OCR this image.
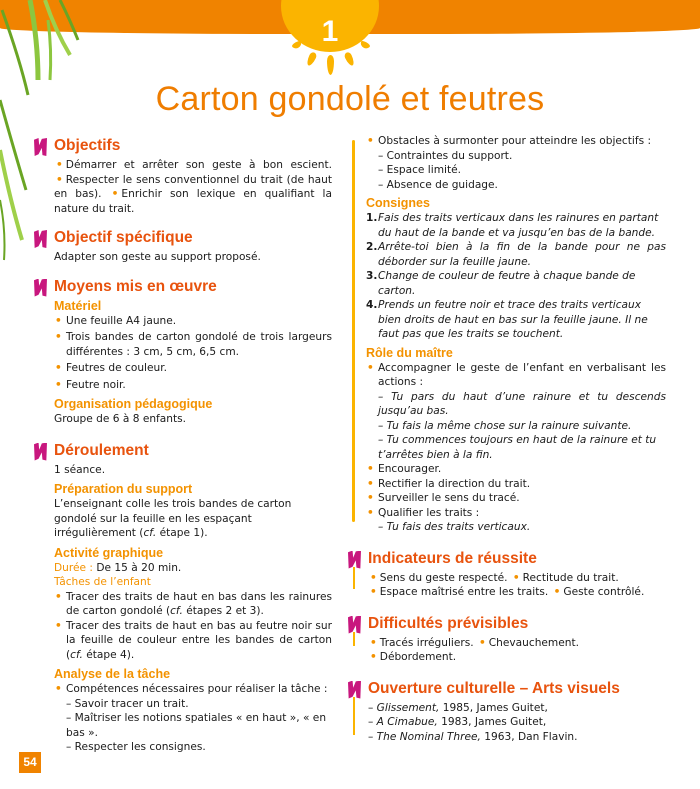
1
Carton gondolé et feutres
Objectifs
• Démarrer et arrêter son geste à bon escient. • Respecter le sens conventionnel du trait (de haut en bas). • Enrichir son lexique en qualifiant la nature du trait.
Objectif spécifique
Adapter son geste au support proposé.
Moyens mis en œuvre
Matériel
• Une feuille A4 jaune.
• Trois bandes de carton gondolé de trois largeurs différentes : 3 cm, 5 cm, 6,5 cm.
• Feutres de couleur.
• Feutre noir.
Organisation pédagogique
Groupe de 6 à 8 enfants.
Déroulement
1 séance.
Préparation du support
L’enseignant colle les trois bandes de carton gondolé sur la feuille en les espaçant irrégulièrement (cf. étape 1).
Activité graphique
Durée : De 15 à 20 min.
Tâches de l’enfant
• Tracer des traits de haut en bas dans les rainures de carton gondolé (cf. étapes 2 et 3).
• Tracer des traits de haut en bas au feutre noir sur la feuille de couleur entre les bandes de carton (cf. étape 4).
Analyse de la tâche
• Compétences nécessaires pour réaliser la tâche :
– Savoir tracer un trait.
– Maîtriser les notions spatiales « en haut », « en bas ».
– Respecter les consignes.
• Obstacles à surmonter pour atteindre les objectifs :
– Contraintes du support.
– Espace limité.
– Absence de guidage.
Consignes
1. Fais des traits verticaux dans les rainures en partant du haut de la bande et va jusqu’en bas de la bande.
2. Arrête-toi bien à la fin de la bande pour ne pas déborder sur la feuille jaune.
3. Change de couleur de feutre à chaque bande de carton.
4. Prends un feutre noir et trace des traits verticaux bien droits de haut en bas sur la feuille jaune. Il ne faut pas que les traits se touchent.
Rôle du maître
• Accompagner le geste de l’enfant en verbalisant les actions :
– Tu pars du haut d’une rainure et tu descends jusqu’au bas.
– Tu fais la même chose sur la rainure suivante.
– Tu commences toujours en haut de la rainure et tu t’arrêtes bien à la fin.
• Encourager.
• Rectifier la direction du trait.
• Surveiller le sens du tracé.
• Qualifier les traits :
– Tu fais des traits verticaux.
Indicateurs de réussite
• Sens du geste respecté. • Rectitude du trait. • Espace maîtrisé entre les traits. • Geste contrôlé.
Difficultés prévisibles
• Tracés irréguliers. • Chevauchement. • Débordement.
Ouverture culturelle – Arts visuels
– Glissement, 1985, James Guitet,
– A Cimabue, 1983, James Guitet,
– The Nominal Three, 1963, Dan Flavin.
54
